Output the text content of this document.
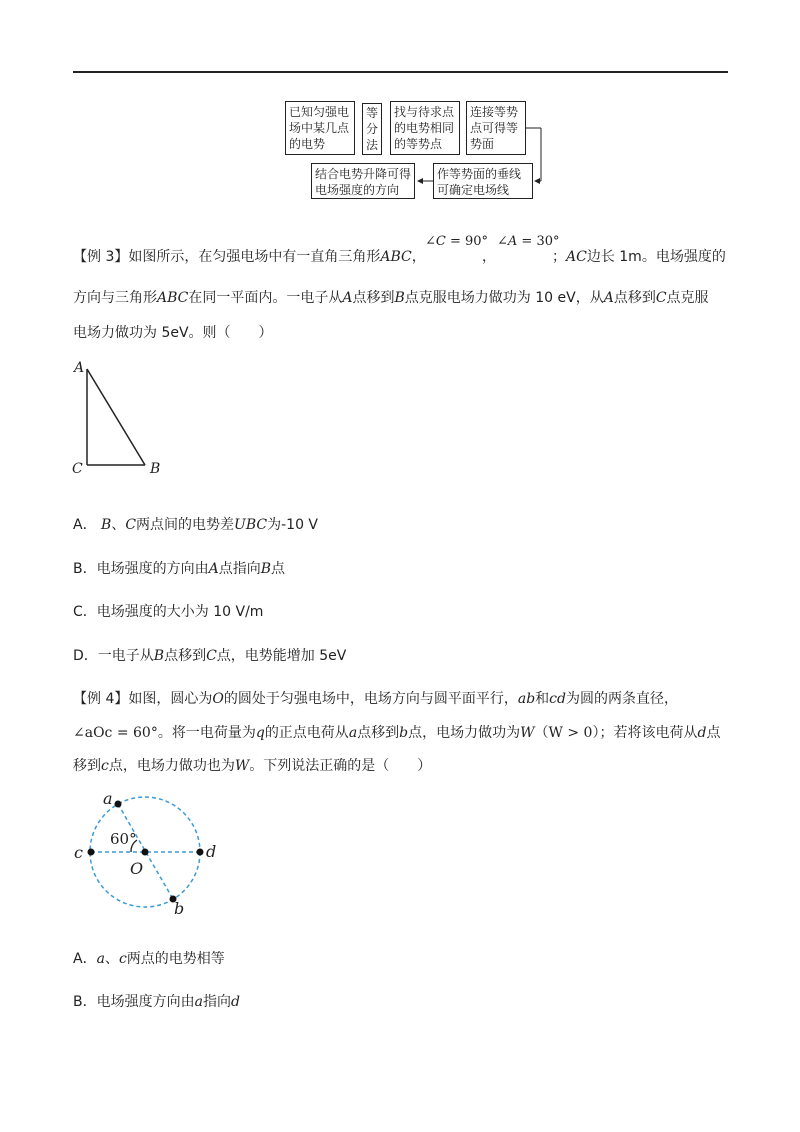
已知匀强电
场中某几点
的电势
等
分
法
找与待求点
的电势相同
的等势点
连接等势
点可得等
势面
作等势面的垂线
可确定电场线
结合电势升降可得
电场强度的方向
【例 3】如图所示，在匀强电场中有一直角三角形ABC，
∠C = 90°
，
∠A = 30°
；AC边长 1m。电场强度的
方向与三角形ABC在同一平面内。一电子从A点移到B点克服电场力做功为 10 eV，从A点移到C点克服
电场力做功为 5eV。则（　　）
A
C	B
A． B、C两点间的电势差UBC为-10 V
B．电场强度的方向由A点指向B点
C．电场强度的大小为 10 V/m
D．一电子从B点移到C点，电势能增加 5eV
【例 4】如图，圆心为O的圆处于匀强电场中，电场方向与圆平面平行，ab和cd为圆的两条直径，
∠aOc = 60°。将一电荷量为q的正点电荷从a点移到b点，电场力做功为W（W > 0）；若将该电荷从d点
移到c点，电场力做功也为W。下列说法正确的是（　　）
a
c	d
O
b
60°
A．a、c两点的电势相等
B．电场强度方向由a指向d
